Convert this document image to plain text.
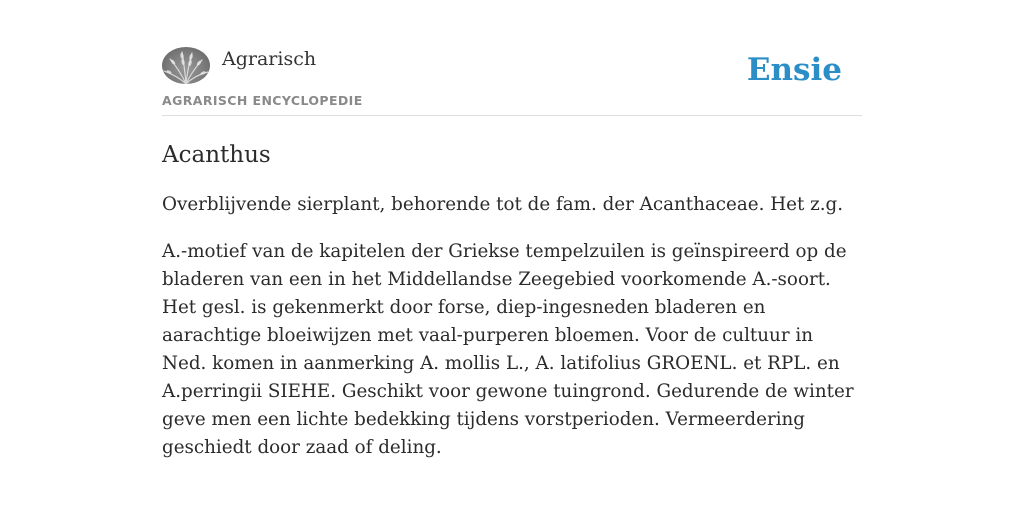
Agrarisch
AGRARISCH ENCYCLOPEDIE
Ensie
Acanthus

Overblijvende sierplant, behorende tot de fam. der Acanthaceae. Het z.g.

A.-motief van de kapitelen der Griekse tempelzuilen is geïnspireerd op de bladeren van een in het Middellandse Zeegebied voorkomende A.-soort. Het gesl. is gekenmerkt door forse, diep-ingesneden bladeren en aarachtige bloeiwijzen met vaal-purperen bloemen. Voor de cultuur in Ned. komen in aanmerking A. mollis L., A. latifolius GROENL. et RPL. en A.perringii SIEHE. Geschikt voor gewone tuingrond. Gedurende de winter geve men een lichte bedekking tijdens vorstperioden. Vermeerdering geschiedt door zaad of deling.
